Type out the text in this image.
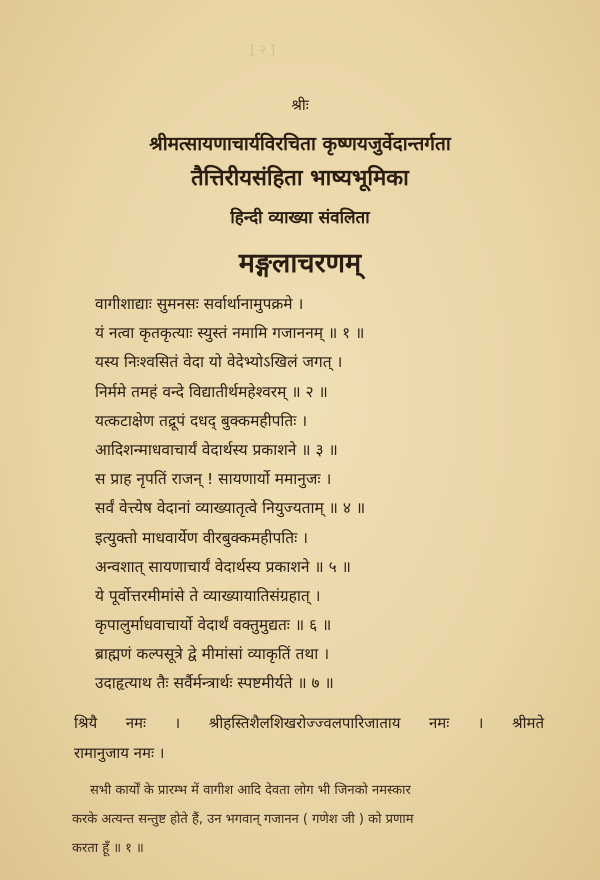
[ २ ]
श्रीः
श्रीमत्सायणाचार्यविरचिता कृष्णयजुर्वेदान्तर्गता
तैत्तिरीयसंहिता भाष्यभूमिका
हिन्दी व्याख्या संवलिता
मङ्गलाचरणम्
वागीशाद्याः सुमनसः सर्वार्थानामुपक्रमे ।
यं नत्वा कृतकृत्याः स्युस्तं नमामि गजाननम् ॥ १ ॥
यस्य निःश्वसितं वेदा यो वेदेभ्योऽखिलं जगत् ।
निर्ममे तमहं वन्दे विद्यातीर्थमहेश्वरम् ॥ २ ॥
यत्कटाक्षेण तद्रूपं दधद् बुक्कमहीपतिः ।
आदिशन्माधवाचार्यं वेदार्थस्य प्रकाशने ॥ ३ ॥
स प्राह नृपतिं राजन् ! सायणार्यो ममानुजः ।
सर्वं वेत्त्येष वेदानां व्याख्यातृत्वे नियुज्यताम् ॥ ४ ॥
इत्युक्तो माधवार्येण वीरबुक्कमहीपतिः ।
अन्वशात् सायणाचार्यं वेदार्थस्य प्रकाशने ॥ ५ ॥
ये पूर्वोत्तरमीमांसे ते व्याख्यायातिसंग्रहात् ।
कृपालुर्माधवाचार्यो वेदार्थं वक्तुमुद्यतः ॥ ६ ॥
ब्राह्मणं कल्पसूत्रे द्वे मीमांसां व्याकृतिं तथा ।
उदाहृत्याथ तैः सर्वैर्मन्त्रार्थः स्पष्टमीर्यते ॥ ७ ॥
श्रियै नमः । श्रीहस्तिशैलशिखरोज्ज्वलपारिजाताय नमः । श्रीमते
रामानुजाय नमः ।
सभी कार्यों के प्रारम्भ में वागीश आदि देवता लोग भी जिनको नमस्कार
करके अत्यन्त सन्तुष्ट होते हैं, उन भगवान् गजानन ( गणेश जी ) को प्रणाम
करता हूँ ॥ १ ॥
